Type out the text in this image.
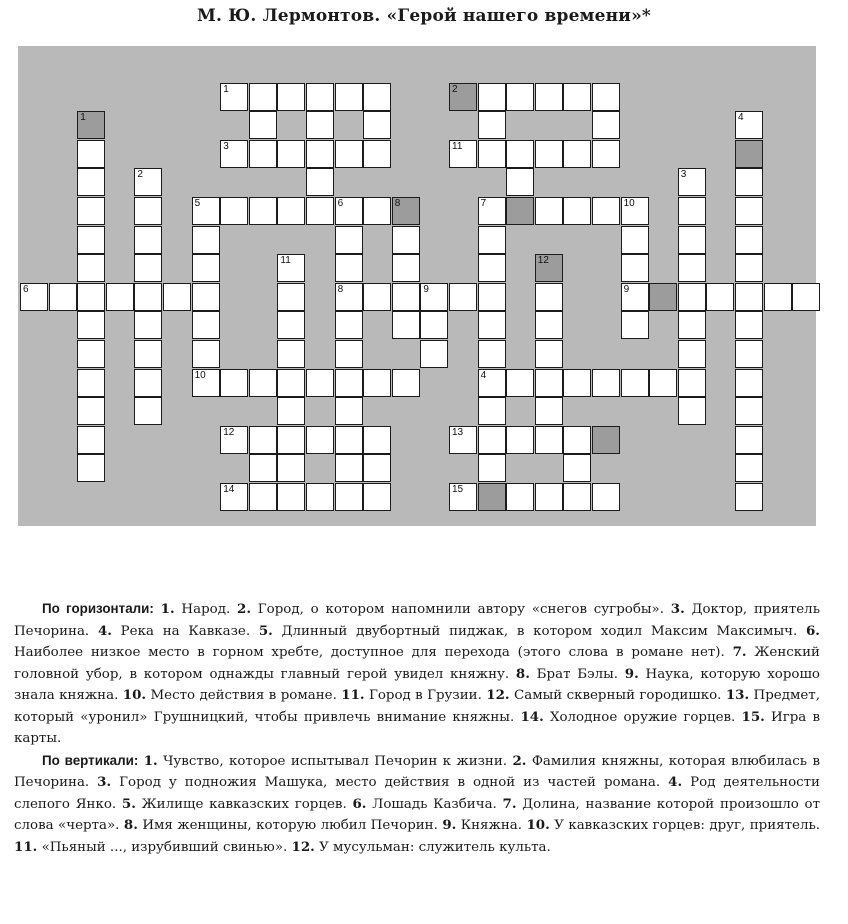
М. Ю. Лермонтов. «Герой нашего времени»*
1	2
3	11
5	6	7
6	8	9	9
10	4
12	13
14	15
1
2
11
8
12
10
3
4

По горизонтали: 1. Народ. 2. Город, о котором напомнили автору «снегов сугробы». 3. Доктор, приятель Печорина. 4. Река на Кавказе. 5. Длинный двубортный пиджак, в котором ходил Максим Максимыч. 6. Наиболее низкое место в горном хребте, доступное для перехода (этого слова в романе нет). 7. Женский головной убор, в котором однажды главный герой увидел княжну. 8. Брат Бэлы. 9. Наука, которую хорошо знала княжна. 10. Место действия в романе. 11. Город в Грузии. 12. Самый скверный городишко. 13. Предмет, который «уронил» Грушницкий, чтобы привлечь внимание княжны. 14. Холодное оружие горцев. 15. Игра в карты.

По вертикали: 1. Чувство, которое испытывал Печорин к жизни. 2. Фамилия княжны, которая влюбилась в Печорина. 3. Город у подножия Машука, место действия в одной из частей романа. 4. Род деятельности слепого Янко. 5. Жилище кавказских горцев. 6. Лошадь Казбича. 7. Долина, название которой произошло от слова «черта». 8. Имя женщины, которую любил Печорин. 9. Княжна. 10. У кавказских горцев: друг, приятель. 11. «Пьяный ..., изрубивший свинью». 12. У мусульман: служитель культа.
